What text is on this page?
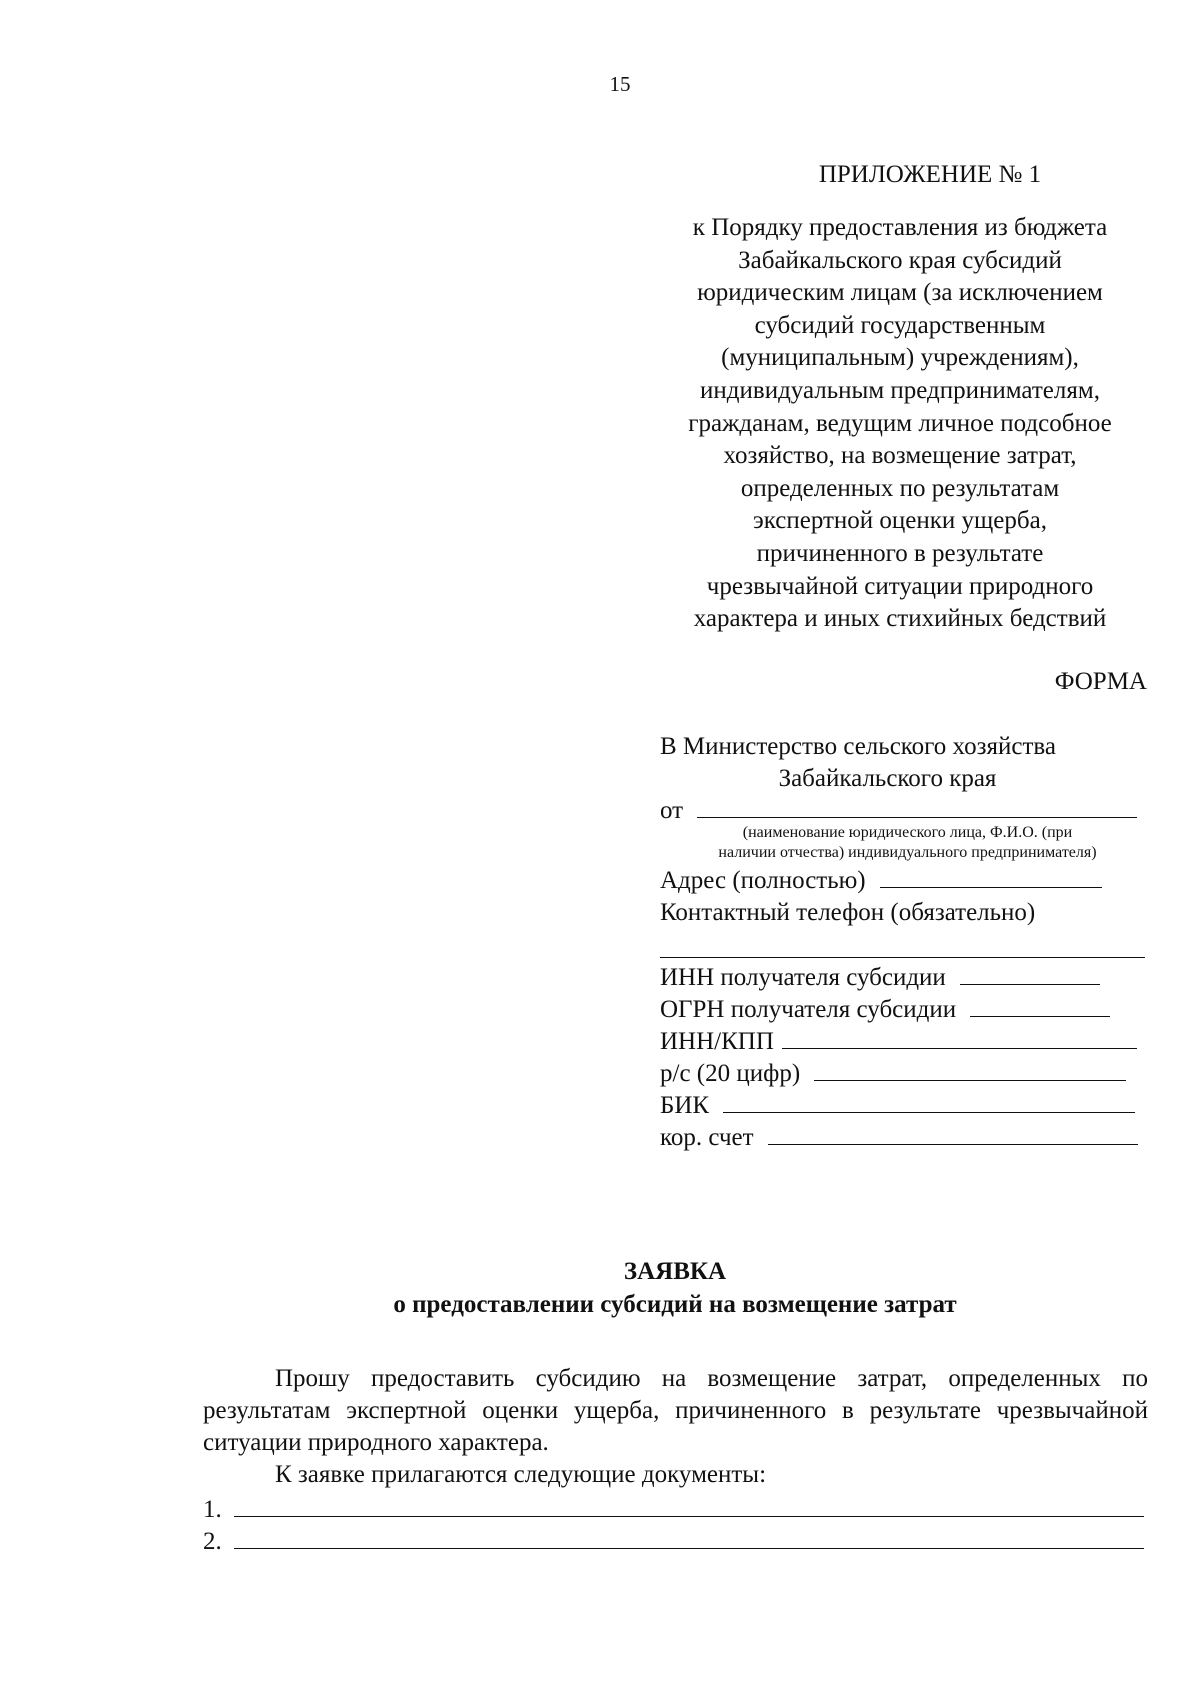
15
ПРИЛОЖЕНИЕ № 1
к Порядку предоставления из бюджета
Забайкальского края субсидий
юридическим лицам (за исключением
субсидий государственным
(муниципальным) учреждениям),
индивидуальным предпринимателям,
гражданам, ведущим личное подсобное
хозяйство, на возмещение затрат,
определенных по результатам
экспертной оценки ущерба,
причиненного в результате
чрезвычайной ситуации природного
характера и иных стихийных бедствий
ФОРМА
В Министерство сельского хозяйства
Забайкальского края
от
(наименование юридического лица, Ф.И.О. (при
наличии отчества) индивидуального предпринимателя)
Адрес (полностью)
Контактный телефон (обязательно)
ИНН получателя субсидии
ОГРН получателя субсидии
ИНН/КПП
р/с (20 цифр)
БИК
кор. счет
ЗАЯВКА
о предоставлении субсидий на возмещение затрат

Прошу предоставить субсидию на возмещение затрат, определенных по результатам экспертной оценки ущерба, причиненного в результате чрезвычайной ситуации природного характера.

К заявке прилагаются следующие документы:

1.
2.
